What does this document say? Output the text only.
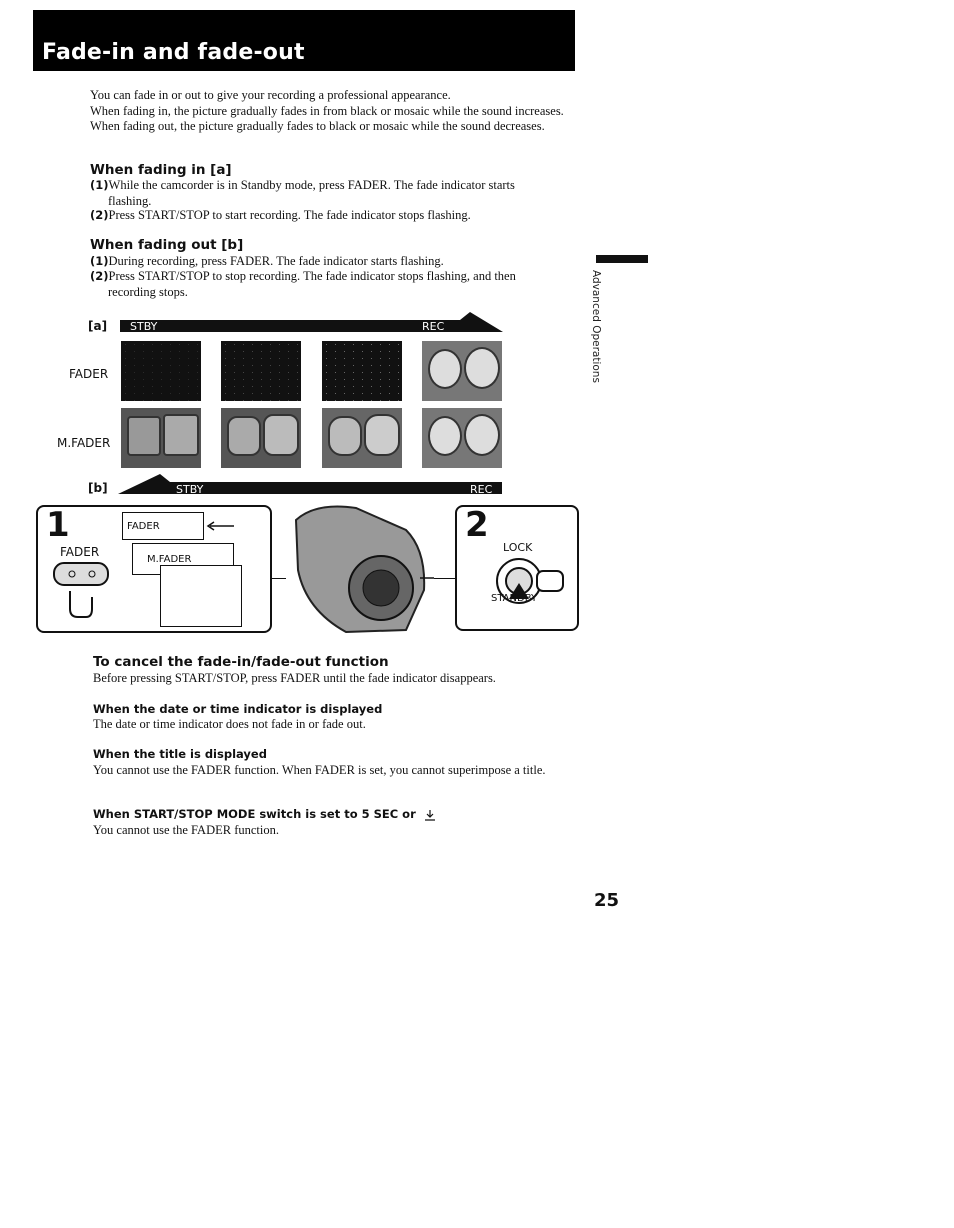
Fade-in and fade-out
You can fade in or out to give your recording a professional appearance.
When fading in, the picture gradually fades in from black or mosaic while the sound increases. When fading out, the picture gradually fades to black or mosaic while the sound decreases.
When fading in [a]
(1)While the camcorder is in Standby mode, press FADER. The fade indicator starts
flashing.
(2)Press START/STOP to start recording. The fade indicator stops flashing.
When fading out [b]
(1)During recording, press FADER. The fade indicator starts flashing.
(2)Press START/STOP to stop recording. The fade indicator stops flashing, and then
recording stops.
[a] STBY	REC
FADER
M.FADER
[b]	STBY	REC
1
FADER
FADER
M.FADER
2
LOCK
STANDBY
To cancel the fade-in/fade-out function
Before pressing START/STOP, press FADER until the fade indicator disappears.
When the date or time indicator is displayed
The date or time indicator does not fade in or fade out.
When the title is displayed
You cannot use the FADER function. When FADER is set, you cannot superimpose a title.
When START/STOP MODE switch is set to 5 SEC or
You cannot use the FADER function.
Advanced Operations
25
